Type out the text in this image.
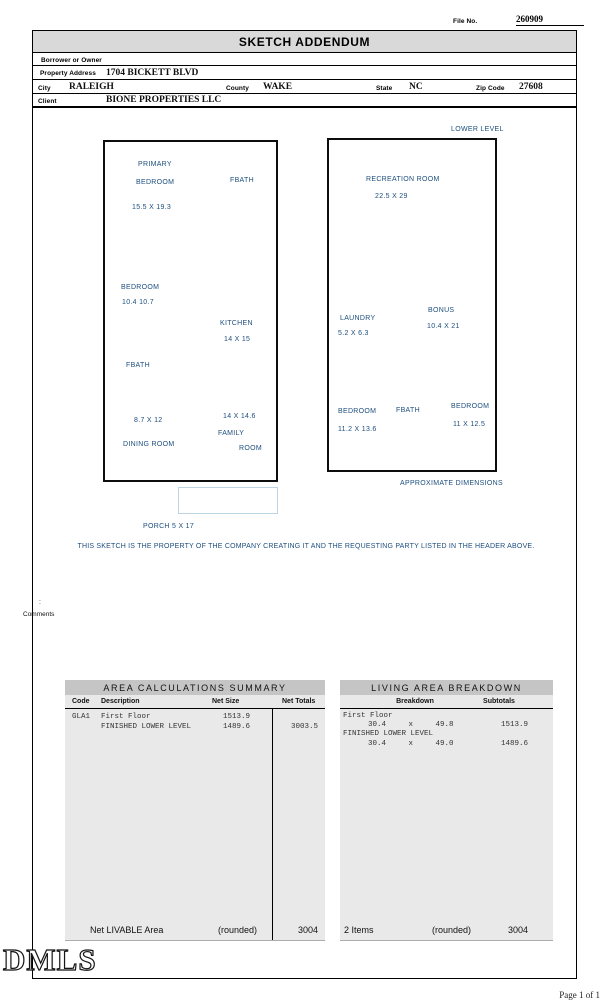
File No.	260909
SKETCH ADDENDUM
Borrower or Owner
Property Address 1704 BICKETT BLVD
City RALEIGH	County WAKE	State NC	Zip Code 27608
Client	BIONE PROPERTIES LLC
LOWER LEVEL
PRIMARY
BEDROOM
15.5 X 19.3
FBATH
BEDROOM
10.4 10.7
KITCHEN
14 X 15
FBATH
8.7 X 12
14 X 14.6
FAMILY
ROOM
DINING ROOM
RECREATION ROOM
22.5 X 29
LAUNDRY
5.2 X 6.3
BONUS
10.4 X 21
BEDROOM
11.2 X 13.6
FBATH
BEDROOM
11 X 12.5
APPROXIMATE DIMENSIONS
PORCH 5 X 17
THIS SKETCH IS THE PROPERTY OF THE COMPANY CREATING IT AND THE REQUESTING PARTY LISTED IN THE HEADER ABOVE.
:
Comments
AREA CALCULATIONS SUMMARY
Code Description	Net Size	Net Totals
GLA1 First Floor	1513.9
FINISHED LOWER LEVEL	1489.6	3003.5
Net LIVABLE Area	(rounded)	3004
LIVING AREA BREAKDOWN
Breakdown	Subtotals
First Floor
30.4     x     49.8	1513.9
FINISHED LOWER LEVEL
30.4     x     49.0	1489.6
2 Items	(rounded)	3004
DMLS
Page 1 of 1
